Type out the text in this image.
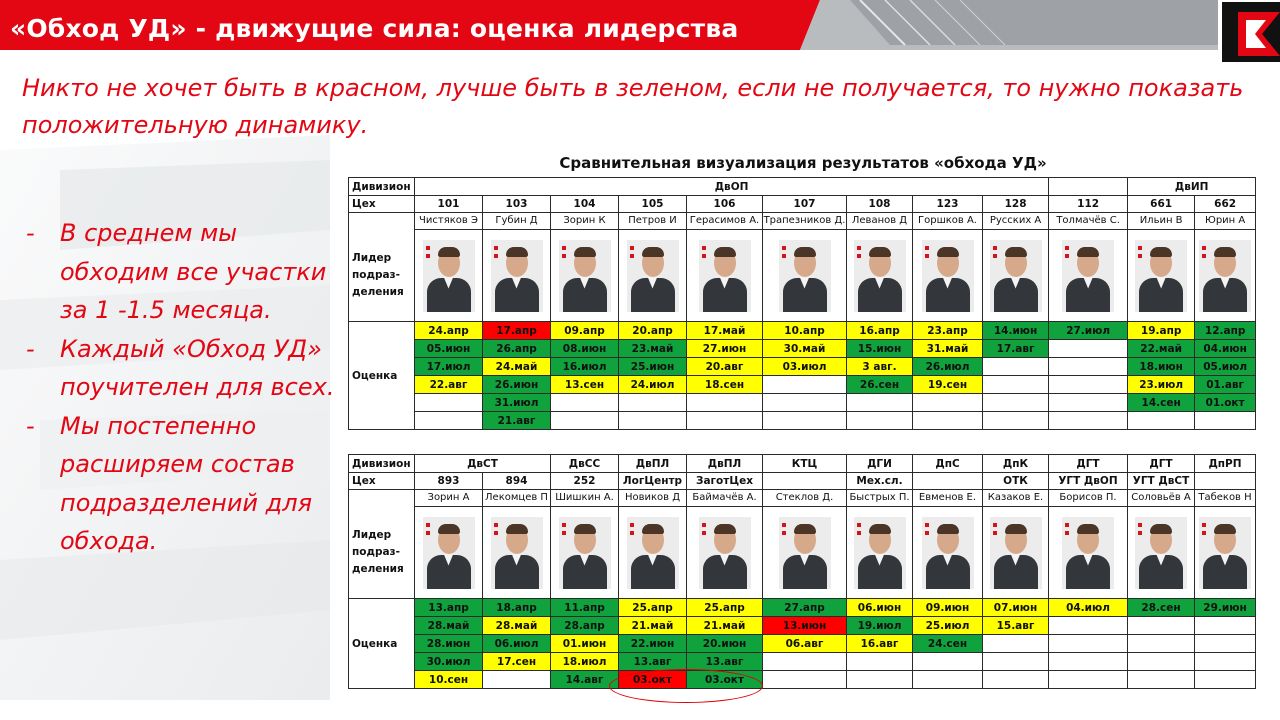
«Обход УД» - движущие сила: оценка лидерства
Никто не хочет быть в красном, лучше быть в зеленом, если не получается, то нужно показать положительную динамику.
- В среднем мы обходим все участки за 1 -1.5 месяца.
- Каждый «Обход УД» поучителен для всех.
- Мы постепенно расширяем состав подразделений для обхода.
Сравнительная визуализация результатов «обхода УД»
Дивизион	ДвОП										ДвИП	
Цех	101	103	104	105	106	107	108	123	128	112	661	662
	Чистяков Э	Губин Д	Зорин К	Петров И	Герасимов А.	Трапезников Д.	Леванов Д	Горшков А.	Русских А	Толмачёв С.	Ильин В	Юрин А
Лидер подраз-деления	

Оценка	24.апр	17.апр	09.апр	20.апр	17.май	10.апр	16.апр	23.апр	14.июн	27.июл	19.апр	12.апр
	05.июн	26.апр	08.июн	23.май	27.июн	30.май	15.июн	31.май	17.авг		22.май	04.июн
	17.июл	24.май	16.июл	25.июн	20.авг	03.июл	3 авг.	26.июл			18.июн	05.июл
	22.авг	26.июн	13.сен	24.июл	18.сен		26.сен	19.сен			23.июл	01.авг
		31.июл									14.сен	01.окт
		21.авг										
Дивизион	ДвСТ		ДвСС	ДвПЛ	ДвПЛ	КТЦ	ДГИ	ДпС	ДпК	ДГТ	ДГТ	ДпРП
Цех	893	894	252	ЛогЦентр	ЗаготЦех		Мех.сл.		ОТК	УГТ ДвОП	УГТ ДвСТ	
	Зорин А	Лекомцев П	Шишкин А.	Новиков Д	Баймачёв А.	Стеклов Д.	Быстрых П.	Евменов Е.	Казаков Е.	Борисов П.	Соловьёв А	Табеков Н
Лидер подраз-деления	

Оценка	13.апр	18.апр	11.апр	25.апр	25.апр	27.апр	06.июн	09.июн	07.июн	04.июл	28.сен	29.июн
	28.май	28.май	28.апр	21.май	21.май	13.июн	19.июл	25.июл	15.авг			
	28.июн	06.июл	01.июн	22.июн	20.июн	06.авг	16.авг	24.сен				
	30.июл	17.сен	18.июл	13.авг	13.авг							
	10.сен		14.авг	03.окт	03.окт							
